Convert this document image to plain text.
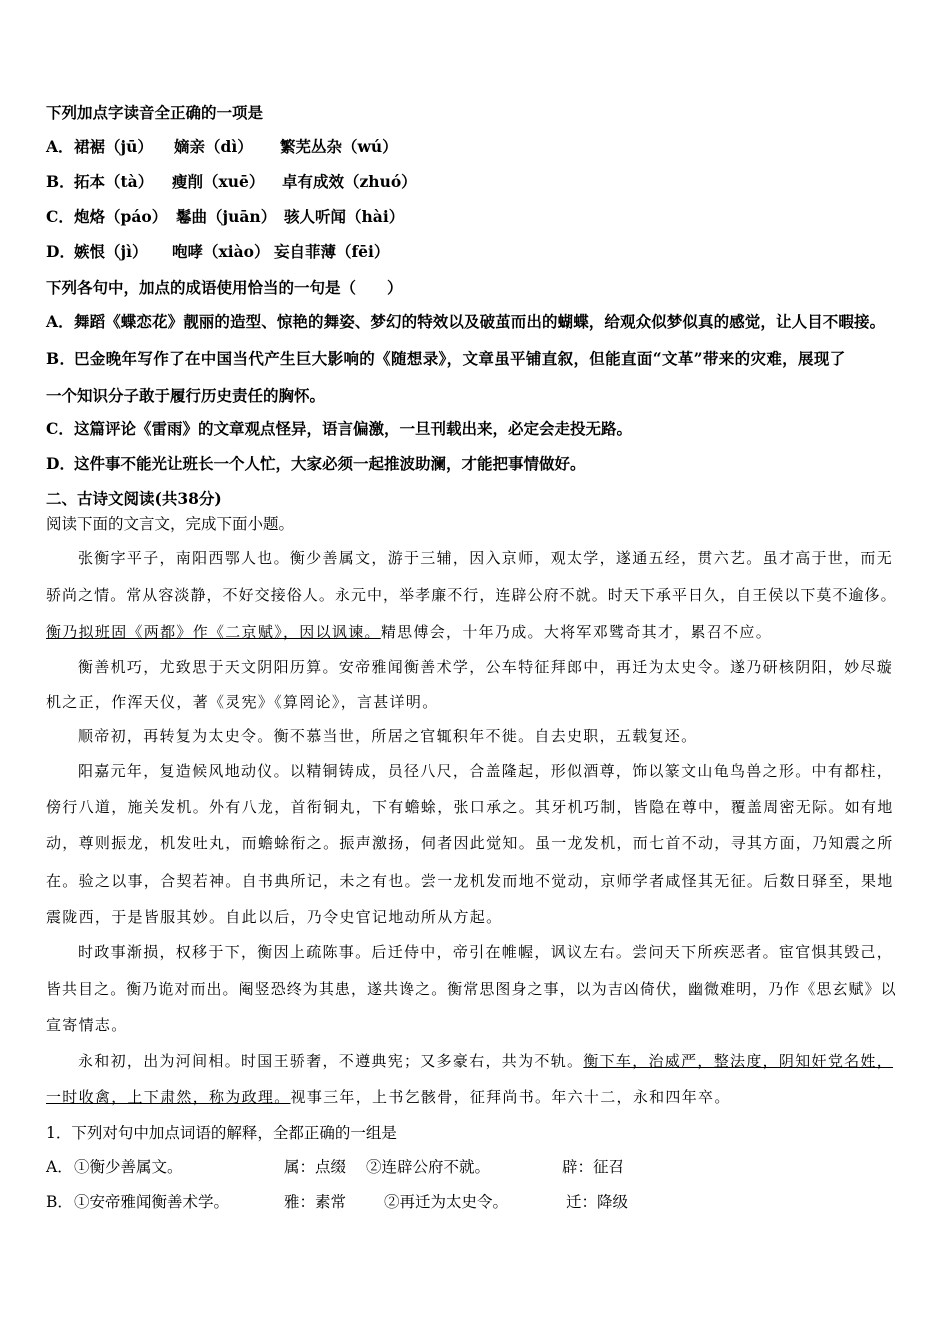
下列加点字读音全正确的一项是
A．裙裾（jū） 嫡亲（dì） 繁芜丛杂（wú）
B．拓本（tà） 瘦削（xuē） 卓有成效（zhuó）
C．炮烙（páo） 鬈曲（juān） 骇人听闻（hài）
D．嫉恨（jì） 咆哮（xiào） 妄自菲薄（fēi）
下列各句中，加点的成语使用恰当的一句是（　　）
A．舞蹈《蝶恋花》靓丽的造型、惊艳的舞姿、梦幻的特效以及破茧而出的蝴蝶，给观众似梦似真的感觉，让人目不暇接。
B．巴金晚年写作了在中国当代产生巨大影响的《随想录》，文章虽平铺直叙，但能直面“文革”带来的灾难，展现了
一个知识分子敢于履行历史责任的胸怀。
C．这篇评论《雷雨》的文章观点怪异，语言偏激，一旦刊载出来，必定会走投无路。
D．这件事不能光让班长一个人忙，大家必须一起推波助澜，才能把事情做好。
二、古诗文阅读(共38分)
阅读下面的文言文，完成下面小题。
张衡字平子，南阳西鄂人也。衡少善属文，游于三辅，因入京师，观太学，遂通五经，贯六艺。虽才高于世，而无
骄尚之情。常从容淡静，不好交接俗人。永元中，举孝廉不行，连辟公府不就。时天下承平日久，自王侯以下莫不逾侈。
衡乃拟班固《两都》作《二京赋》，因以讽谏。精思傅会，十年乃成。大将军邓骘奇其才，累召不应。
衡善机巧，尤致思于天文阴阳历算。安帝雅闻衡善术学，公车特征拜郎中，再迁为太史令。遂乃研核阴阳，妙尽璇
机之正，作浑天仪，著《灵宪》《算罔论》，言甚详明。
顺帝初，再转复为太史令。衡不慕当世，所居之官辄积年不徙。自去史职，五载复还。
阳嘉元年，复造候风地动仪。以精铜铸成，员径八尺，合盖隆起，形似酒尊，饰以篆文山龟鸟兽之形。中有都柱，
傍行八道，施关发机。外有八龙，首衔铜丸，下有蟾蜍，张口承之。其牙机巧制，皆隐在尊中，覆盖周密无际。如有地
动，尊则振龙，机发吐丸，而蟾蜍衔之。振声激扬，伺者因此觉知。虽一龙发机，而七首不动，寻其方面，乃知震之所
在。验之以事，合契若神。自书典所记，未之有也。尝一龙机发而地不觉动，京师学者咸怪其无征。后数日驿至，果地
震陇西，于是皆服其妙。自此以后，乃令史官记地动所从方起。
时政事渐损，权移于下，衡因上疏陈事。后迁侍中，帝引在帷幄，讽议左右。尝问天下所疾恶者。宦官惧其毁己，
皆共目之。衡乃诡对而出。阉竖恐终为其患，遂共谗之。衡常思图身之事，以为吉凶倚伏，幽微难明，乃作《思玄赋》以
宣寄情志。
永和初，出为河间相。时国王骄奢，不遵典宪；又多豪右，共为不轨。衡下车，治威严，整法度，阴知奸党名姓，
一时收禽，上下肃然，称为政理。视事三年，上书乞骸骨，征拜尚书。年六十二，永和四年卒。
1．下列对句中加点词语的解释，全都正确的一组是
A．①衡少善属文。	属：点缀 ②连辟公府不就。	辟：征召
B．①安帝雅闻衡善术学。	雅：素常 ②再迁为太史令。	迁：降级
